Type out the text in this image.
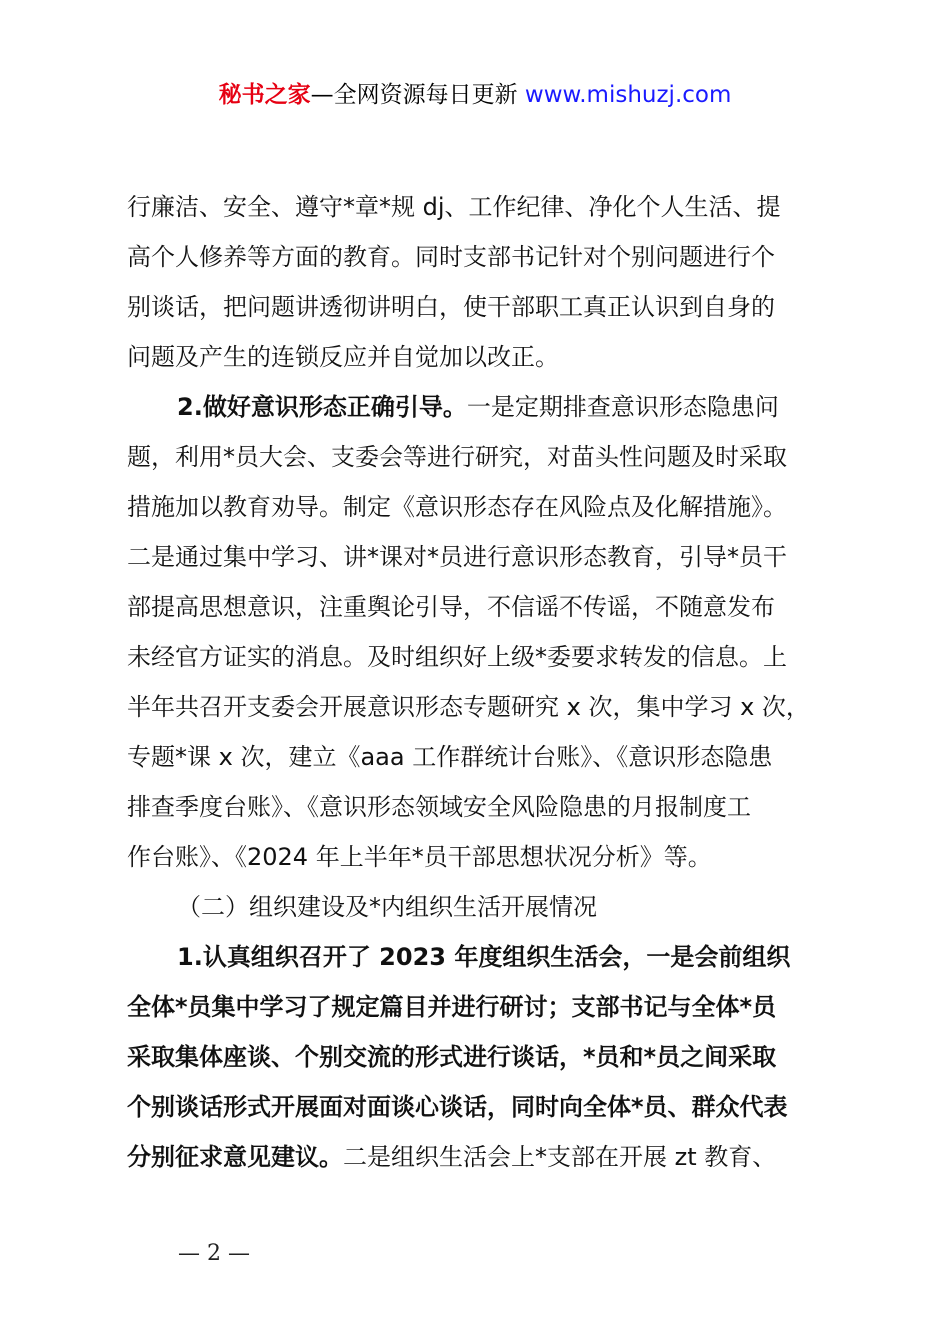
秘书之家—全网资源每日更新 www.mishuzj.com

行廉洁、安全、遵守*章*规 dj、工作纪律、净化个人生活、提

高个人修养等方面的教育。同时支部书记针对个别问题进行个

别谈话，把问题讲透彻讲明白，使干部职工真正认识到自身的

问题及产生的连锁反应并自觉加以改正。

2.做好意识形态正确引导。一是定期排查意识形态隐患问

题，利用*员大会、支委会等进行研究，对苗头性问题及时采取

措施加以教育劝导。制定《意识形态存在风险点及化解措施》。

二是通过集中学习、讲*课对*员进行意识形态教育，引导*员干

部提高思想意识，注重舆论引导，不信谣不传谣，不随意发布

未经官方证实的消息。及时组织好上级*委要求转发的信息。上

半年共召开支委会开展意识形态专题研究 x 次，集中学习 x 次，

专题*课 x 次，建立《aaa 工作群统计台账》、《意识形态隐患

排查季度台账》、《意识形态领域安全风险隐患的月报制度工

作台账》、《2024 年上半年*员干部思想状况分析》等。

（二）组织建设及*内组织生活开展情况

1.认真组织召开了 2023 年度组织生活会，一是会前组织

全体*员集中学习了规定篇目并进行研讨；支部书记与全体*员

采取集体座谈、个别交流的形式进行谈话，*员和*员之间采取

个别谈话形式开展面对面谈心谈话，同时向全体*员、群众代表

分别征求意见建议。二是组织生活会上*支部在开展 zt 教育、

— 2 —
